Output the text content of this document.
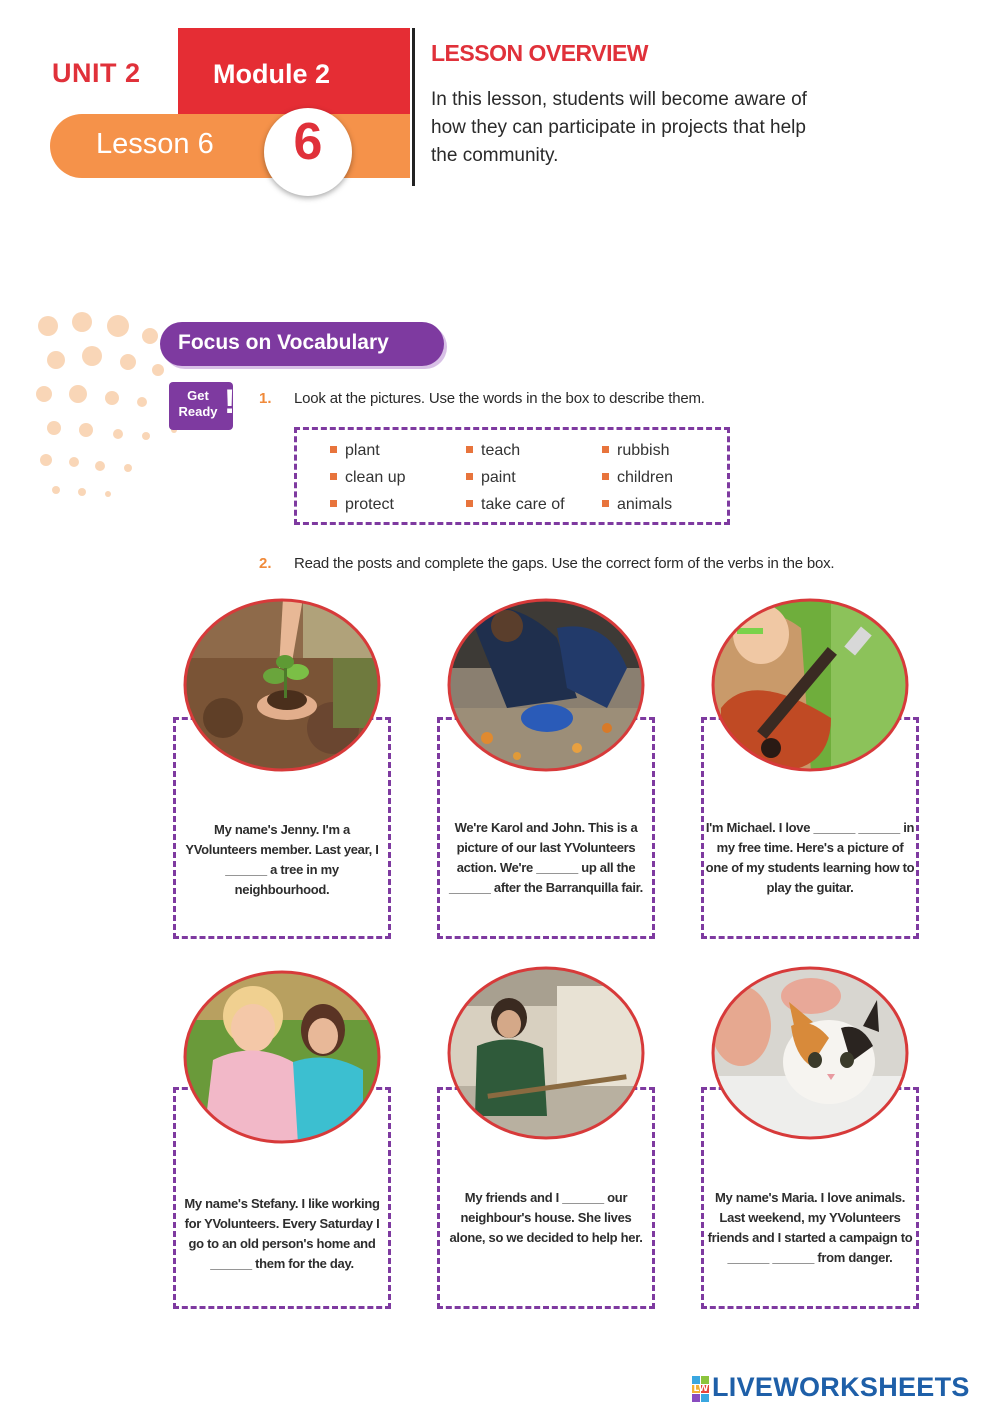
UNIT 2	Module 2
Lesson 6	6
LESSON OVERVIEW
In this lesson, students will become aware of how they can participate in projects that help the community.
Focus on Vocabulary
Get
Ready ! 1. Look at the pictures. Use the words in the box to describe them.
plant	teach	rubbish
clean up	paint	children
protect	take care of	animals
2. Read the posts and complete the gaps. Use the correct form of the verbs in the box.
My name's Jenny. I'm a YVolunteers member. Last year, I ______ a tree in my neighbourhood.
We're Karol and John. This is a picture of our last YVolunteers action. We're ______ up all the ______ after the Barranquilla fair.
I'm Michael. I love ______ ______ in my free time. Here's a picture of one of my students learning how to play the guitar.
My name's Stefany. I like working for YVolunteers. Every Saturday I go to an old person's home and ______ them for the day.
My friends and I ______ our neighbour's house. She lives alone, so we decided to help her.
My name's Maria. I love animals. Last weekend, my YVolunteers friends and I started a campaign to ______ ______ from danger.
LW LIVEWORKSHEETS
